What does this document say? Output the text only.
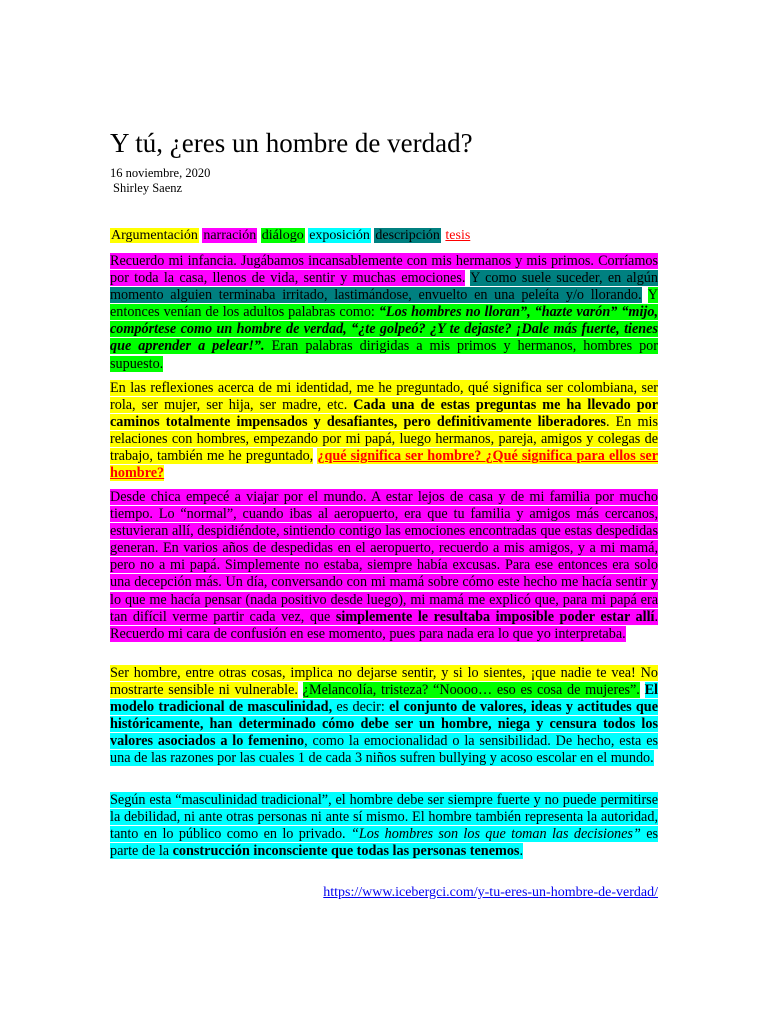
Y tú, ¿eres un hombre de verdad?
16 noviembre, 2020
Shirley Saenz
Argumentación narración diálogo exposición descripción tesis

Recuerdo mi infancia. Jugábamos incansablemente con mis hermanos y mis primos. Corríamos por toda la casa, llenos de vida, sentir y muchas emociones. Y como suele suceder, en algún momento alguien terminaba irritado, lastimándose, envuelto en una peleíta y/o llorando. Y entonces venían de los adultos palabras como: “Los hombres no lloran”, “hazte varón” “mijo, compórtese como un hombre de verdad, “¿te golpeó? ¿Y te dejaste? ¡Dale más fuerte, tienes que aprender a pelear!”. Eran palabras dirigidas a mis primos y hermanos, hombres por supuesto.

En las reflexiones acerca de mi identidad, me he preguntado, qué significa ser colombiana, ser rola, ser mujer, ser hija, ser madre, etc. Cada una de estas preguntas me ha llevado por caminos totalmente impensados y desafiantes, pero definitivamente liberadores. En mis relaciones con hombres, empezando por mi papá, luego hermanos, pareja, amigos y colegas de trabajo, también me he preguntado, ¿qué significa ser hombre? ¿Qué significa para ellos ser hombre?

Desde chica empecé a viajar por el mundo. A estar lejos de casa y de mi familia por mucho tiempo. Lo “normal”, cuando ibas al aeropuerto, era que tu familia y amigos más cercanos, estuvieran allí, despidiéndote, sintiendo contigo las emociones encontradas que estas despedidas generan. En varios años de despedidas en el aeropuerto, recuerdo a mis amigos, y a mi mamá, pero no a mi papá. Simplemente no estaba, siempre había excusas. Para ese entonces era solo una decepción más. Un día, conversando con mi mamá sobre cómo este hecho me hacía sentir y lo que me hacía pensar (nada positivo desde luego), mi mamá me explicó que, para mi papá era tan difícil verme partir cada vez, que simplemente le resultaba imposible poder estar allí. Recuerdo mi cara de confusión en ese momento, pues para nada era lo que yo interpretaba.

Ser hombre, entre otras cosas, implica no dejarse sentir, y si lo sientes, ¡que nadie te vea! No mostrarte sensible ni vulnerable. ¿Melancolía, tristeza? “Noooo… eso es cosa de mujeres”. El modelo tradicional de masculinidad, es decir: el conjunto de valores, ideas y actitudes que históricamente, han determinado cómo debe ser un hombre, niega y censura todos los valores asociados a lo femenino, como la emocionalidad o la sensibilidad. De hecho, esta es una de las razones por las cuales 1 de cada 3 niños sufren bullying y acoso escolar en el mundo.

Según esta “masculinidad tradicional”, el hombre debe ser siempre fuerte y no puede permitirse la debilidad, ni ante otras personas ni ante sí mismo. El hombre también representa la autoridad, tanto en lo público como en lo privado. “Los hombres son los que toman las decisiones” es parte de la construcción inconsciente que todas las personas tenemos.

https://www.icebergci.com/y-tu-eres-un-hombre-de-verdad/
